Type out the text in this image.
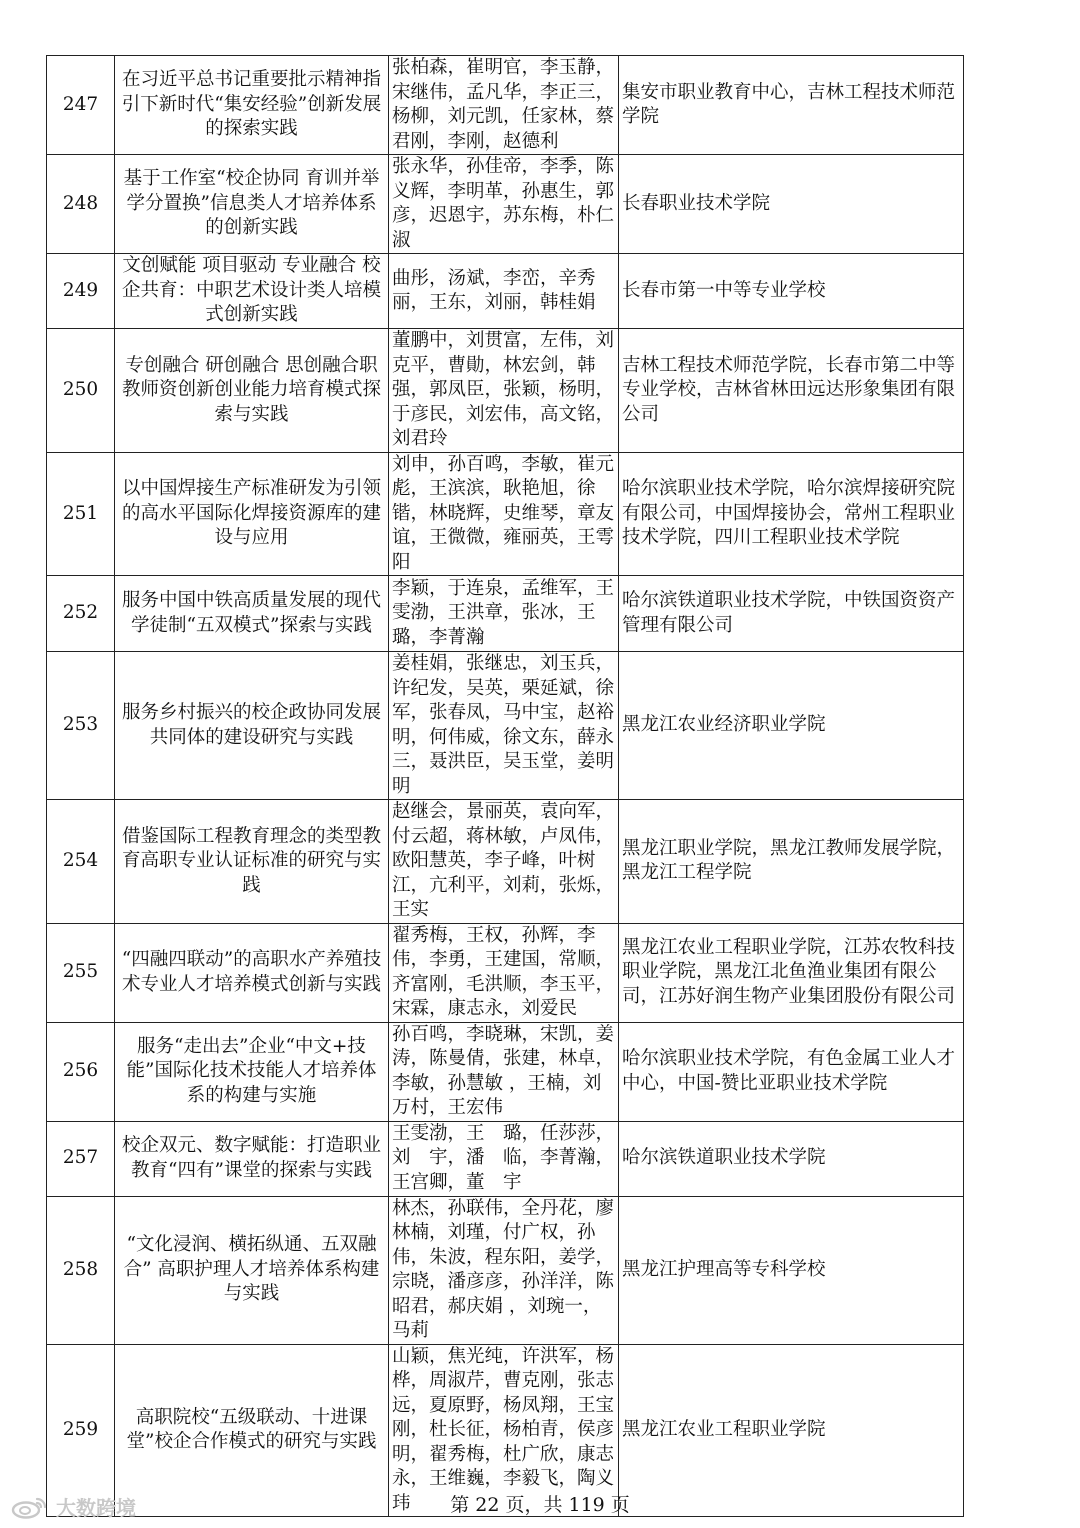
247	在习近平总书记重要批示精神指引下新时代“集安经验”创新发展的探索实践	张柏森，崔明官，李玉静，宋继伟，孟凡华，李正三，杨柳，刘元凯，任家林，蔡君刚，李刚，赵德利	集安市职业教育中心，吉林工程技术师范学院
248	基于工作室“校企协同 育训并举 学分置换”信息类人才培养体系的创新实践	张永华，孙佳帝，李季，陈义辉，李明革，孙惠生，郭彦，迟恩宇，苏东梅，朴仁淑	长春职业技术学院
249	文创赋能 项目驱动 专业融合 校企共育：中职艺术设计类人培模式创新实践	曲彤，汤斌，李峦，辛秀丽，王东，刘丽，韩桂娟	长春市第一中等专业学校
250	专创融合 研创融合 思创融合职教师资创新创业能力培育模式探索与实践	董鹏中，刘贯富，左伟，刘克平，曹勛，林宏剑，韩强，郭凤臣，张颖，杨明，于彦民，刘宏伟，高文铭，刘君玲	吉林工程技术师范学院，长春市第二中等专业学校，吉林省林田远达形象集团有限公司
251	以中国焊接生产标准研发为引领的高水平国际化焊接资源库的建设与应用	刘申，孙百鸣，李敏，崔元彪，王滨滨，耿艳旭，徐锴，林晓辉，史维琴，章友谊，王微微，雍丽英，王雩阳	哈尔滨职业技术学院，哈尔滨焊接研究院有限公司，中国焊接协会，常州工程职业技术学院，四川工程职业技术学院
252	服务中国中铁高质量发展的现代学徒制“五双模式”探索与实践	李颖，于连泉，孟维军，王雯渤，王洪章，张冰，王璐，李菁瀚	哈尔滨铁道职业技术学院，中铁国资资产管理有限公司
253	服务乡村振兴的校企政协同发展共同体的建设研究与实践	姜桂娟，张继忠，刘玉兵，许纪发，吴英，栗延斌，徐军，张春凤，马中宝，赵裕明，何伟威，徐文东，薛永三，聂洪臣，吴玉堂，姜明明	黑龙江农业经济职业学院
254	借鉴国际工程教育理念的类型教育高职专业认证标准的研究与实践	赵继会，景丽英，袁向军，付云超，蒋林敏，卢凤伟，欧阳慧英，李子峰，叶树江，亢利平，刘莉，张烁，王实	黑龙江职业学院，黑龙江教师发展学院，黑龙江工程学院
255	“四融四联动”的高职水产养殖技术专业人才培养模式创新与实践	翟秀梅，王权，孙辉，李伟，李勇，王建国，常顺，齐富刚，毛洪顺，李玉平，宋霖，康志永，刘爱民	黑龙江农业工程职业学院，江苏农牧科技职业学院，黑龙江北鱼渔业集团有限公司，江苏好润生物产业集团股份有限公司
256	服务“走出去”企业“中文+技能”国际化技术技能人才培养体系的构建与实施	孙百鸣，李晓琳，宋凯，姜涛，陈曼倩，张建，林卓，李敏，孙慧敏 ，王楠，刘万村，王宏伟	哈尔滨职业技术学院，有色金属工业人才中心，中国-赞比亚职业技术学院
257	校企双元、数字赋能：打造职业教育“四有”课堂的探索与实践	王雯渤，王　璐，任莎莎，刘　宇，潘　临，李菁瀚，王宫卿，董　宇	哈尔滨铁道职业技术学院
258	“文化浸润、横拓纵通、五双融合” 高职护理人才培养体系构建与实践	林杰，孙联伟，全丹花，廖林楠，刘瑾，付广权，孙伟，朱波，程东阳，姜学，宗晓，潘彦彦，孙洋洋，陈昭君，郝庆娟 ，刘琬一，马莉	黑龙江护理高等专科学校
259	高职院校“五级联动、十进课堂”校企合作模式的研究与实践	山颖，焦光纯，许洪军，杨桦，周淑芹，曹克刚，张志远，夏原野，杨凤翔，王宝刚，杜长征，杨柏青，侯彦明，翟秀梅，杜广欣，康志永，王维巍，李毅飞，陶义玮	黑龙江农业工程职业学院
大数跨境	第 22 页，共 119 页
